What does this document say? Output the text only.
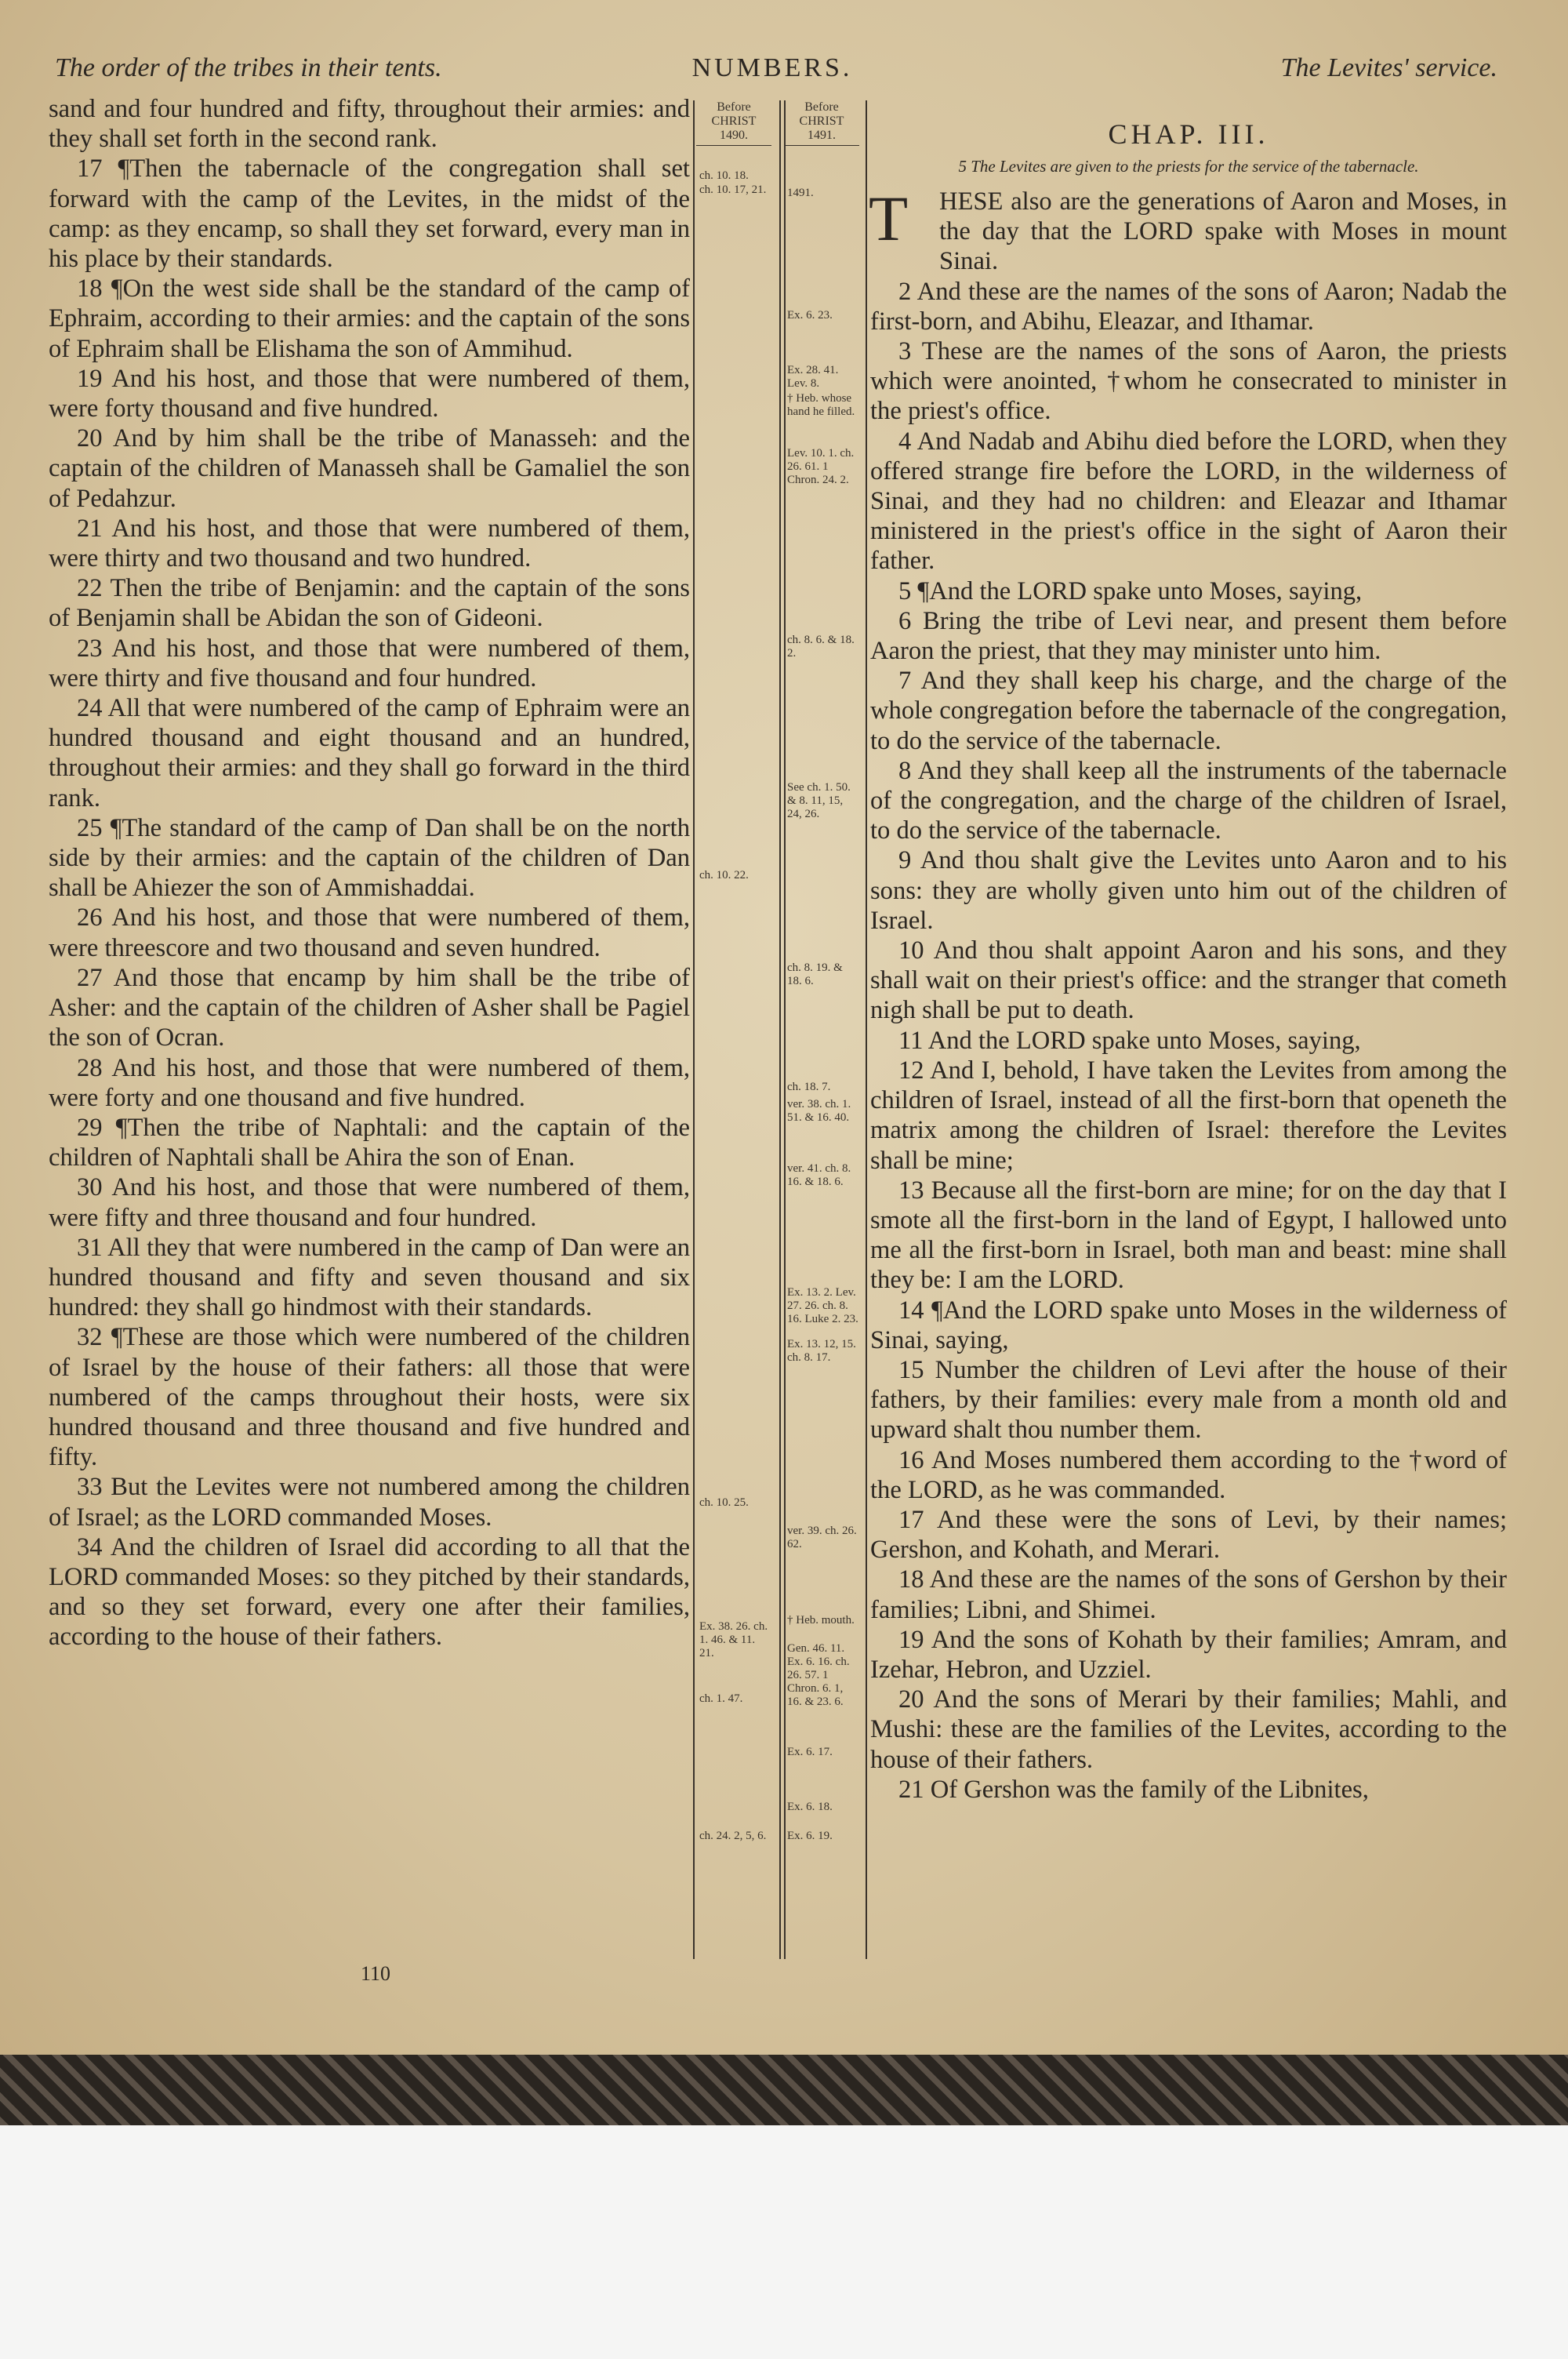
The order of the tribes in their tents.	NUMBERS.	The Levites' service.

sand and four hundred and fifty, throughout their armies: and they shall set forth in the second rank.

17 ¶Then the tabernacle of the congregation shall set forward with the camp of the Levites, in the midst of the camp: as they encamp, so shall they set forward, every man in his place by their standards.

18 ¶On the west side shall be the standard of the camp of Ephraim, according to their armies: and the captain of the sons of Ephraim shall be Elishama the son of Ammihud.

19 And his host, and those that were numbered of them, were forty thousand and five hundred.

20 And by him shall be the tribe of Manasseh: and the captain of the children of Manasseh shall be Gamaliel the son of Pedahzur.

21 And his host, and those that were numbered of them, were thirty and two thousand and two hundred.

22 Then the tribe of Benjamin: and the captain of the sons of Benjamin shall be Abidan the son of Gideoni.

23 And his host, and those that were numbered of them, were thirty and five thousand and four hundred.

24 All that were numbered of the camp of Ephraim were an hundred thousand and eight thousand and an hundred, throughout their armies: and they shall go forward in the third rank.

25 ¶The standard of the camp of Dan shall be on the north side by their armies: and the captain of the children of Dan shall be Ahiezer the son of Ammishaddai.

26 And his host, and those that were numbered of them, were threescore and two thousand and seven hundred.

27 And those that encamp by him shall be the tribe of Asher: and the captain of the children of Asher shall be Pagiel the son of Ocran.

28 And his host, and those that were numbered of them, were forty and one thousand and five hundred.

29 ¶Then the tribe of Naphtali: and the captain of the children of Naphtali shall be Ahira the son of Enan.

30 And his host, and those that were numbered of them, were fifty and three thousand and four hundred.

31 All they that were numbered in the camp of Dan were an hundred thousand and fifty and seven thousand and six hundred: they shall go hindmost with their standards.

32 ¶These are those which were numbered of the children of Israel by the house of their fathers: all those that were numbered of the camps throughout their hosts, were six hundred thousand and three thousand and five hundred and fifty.

33 But the Levites were not numbered among the children of Israel; as the LORD commanded Moses.

34 And the children of Israel did according to all that the LORD commanded Moses: so they pitched by their standards, and so they set forward, every one after their families, according to the house of their fathers.

Before CHRIST
1490.
ch. 10. 18.
ch. 10. 17, 21.
ch. 10. 22.
ch. 10. 25.
Ex. 38. 26. ch. 1. 46. & 11. 21.
ch. 1. 47.
ch. 24. 2, 5, 6.
Before CHRIST
1491.
1491.
Ex. 6. 23.
Ex. 28. 41. Lev. 8.
† Heb. whose hand he filled.
Lev. 10. 1. ch. 26. 61. 1 Chron. 24. 2.
ch. 8. 6. & 18. 2.
See ch. 1. 50. & 8. 11, 15, 24, 26.
ch. 8. 19. & 18. 6.
ch. 18. 7.
ver. 38. ch. 1. 51. & 16. 40.
ver. 41. ch. 8. 16. & 18. 6.
Ex. 13. 2. Lev. 27. 26. ch. 8. 16. Luke 2. 23.
Ex. 13. 12, 15. ch. 8. 17.
ver. 39. ch. 26. 62.
† Heb. mouth.
Gen. 46. 11. Ex. 6. 16. ch. 26. 57. 1 Chron. 6. 1, 16. & 23. 6.
Ex. 6. 17.
Ex. 6. 18.
Ex. 6. 19.
CHAP. III.
5 The Levites are given to the priests for the service of the tabernacle.
T	HESE also are the generations of Aaron and Moses, in the day that the LORD spake with Moses in mount Sinai.

2 And these are the names of the sons of Aaron; Nadab the first-born, and Abihu, Eleazar, and Ithamar.

3 These are the names of the sons of Aaron, the priests which were anointed, †whom he consecrated to minister in the priest's office.

4 And Nadab and Abihu died before the LORD, when they offered strange fire before the LORD, in the wilderness of Sinai, and they had no children: and Eleazar and Ithamar ministered in the priest's office in the sight of Aaron their father.

5 ¶And the LORD spake unto Moses, saying,

6 Bring the tribe of Levi near, and present them before Aaron the priest, that they may minister unto him.

7 And they shall keep his charge, and the charge of the whole congregation before the tabernacle of the congregation, to do the service of the tabernacle.

8 And they shall keep all the instruments of the tabernacle of the congregation, and the charge of the children of Israel, to do the service of the tabernacle.

9 And thou shalt give the Levites unto Aaron and to his sons: they are wholly given unto him out of the children of Israel.

10 And thou shalt appoint Aaron and his sons, and they shall wait on their priest's office: and the stranger that cometh nigh shall be put to death.

11 And the LORD spake unto Moses, saying,

12 And I, behold, I have taken the Levites from among the children of Israel, instead of all the first-born that openeth the matrix among the children of Israel: therefore the Levites shall be mine;

13 Because all the first-born are mine; for on the day that I smote all the first-born in the land of Egypt, I hallowed unto me all the first-born in Israel, both man and beast: mine shall they be: I am the LORD.

14 ¶And the LORD spake unto Moses in the wilderness of Sinai, saying,

15 Number the children of Levi after the house of their fathers, by their families: every male from a month old and upward shalt thou number them.

16 And Moses numbered them according to the †word of the LORD, as he was commanded.

17 And these were the sons of Levi, by their names; Gershon, and Kohath, and Merari.

18 And these are the names of the sons of Gershon by their families; Libni, and Shimei.

19 And the sons of Kohath by their families; Amram, and Izehar, Hebron, and Uzziel.

20 And the sons of Merari by their families; Mahli, and Mushi: these are the families of the Levites, according to the house of their fathers.

21 Of Gershon was the family of the Libnites,

110
